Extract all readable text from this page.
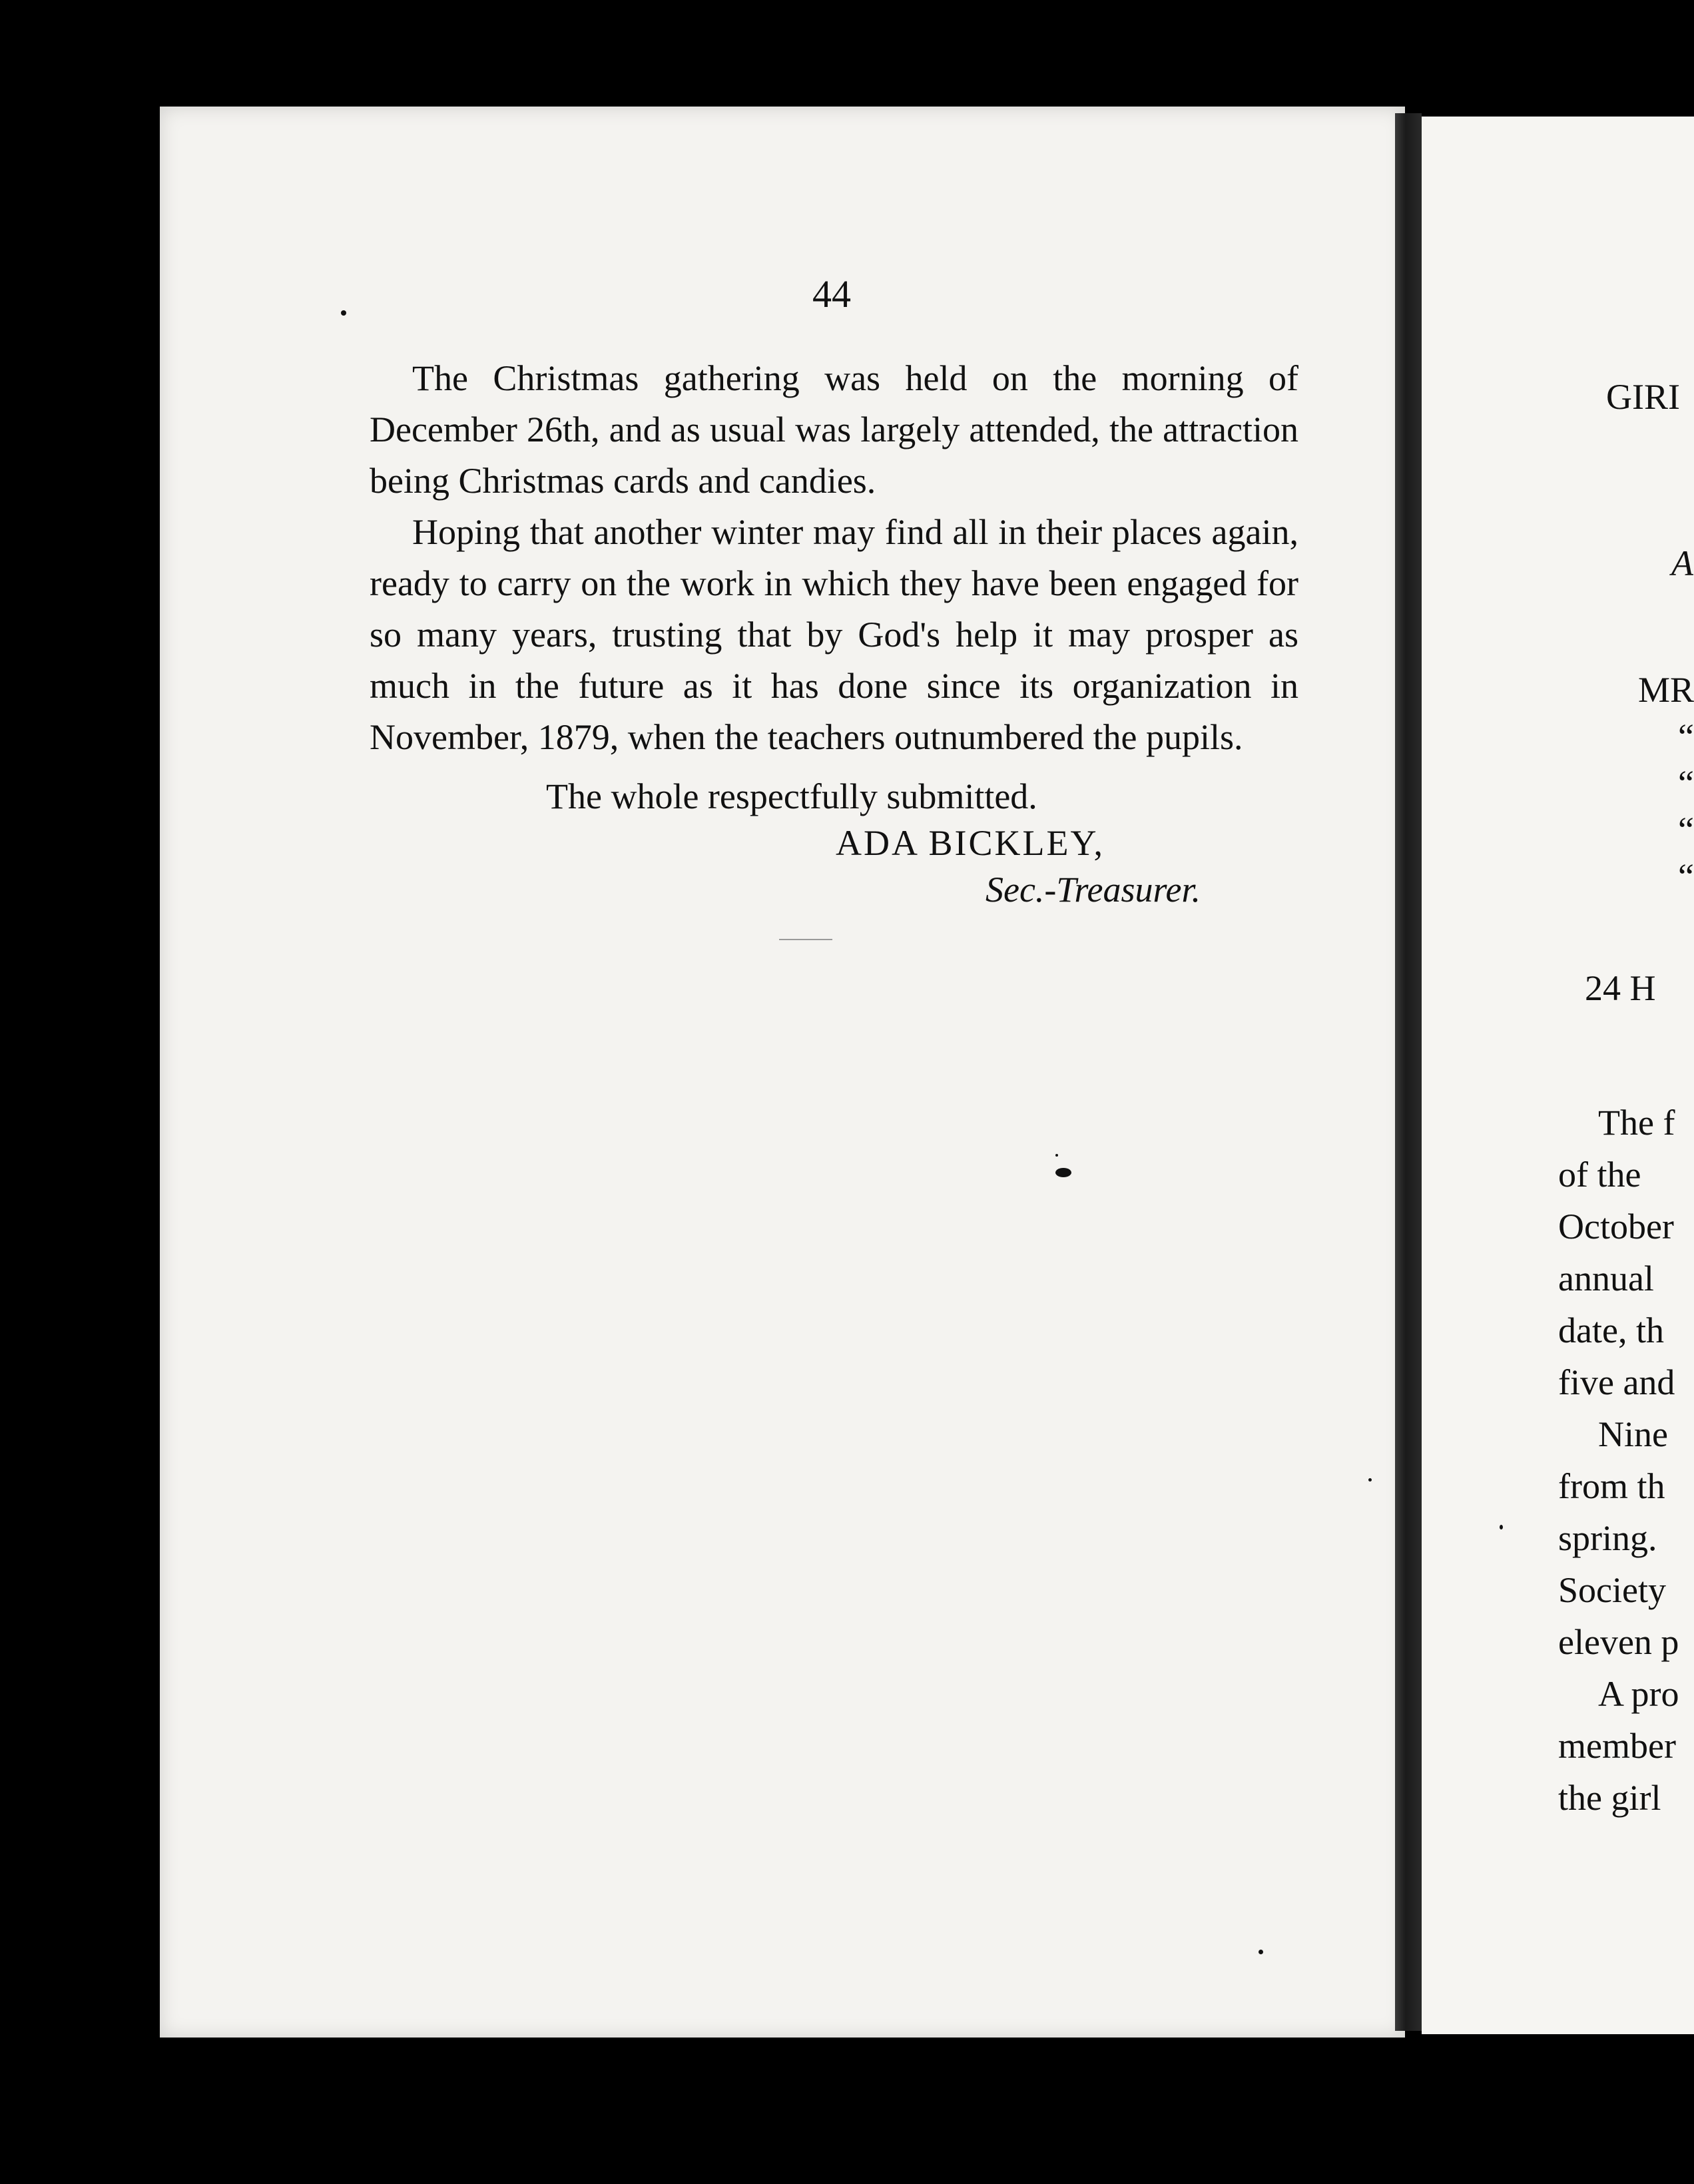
44

The Christmas gathering was held on the morning of December 26th, and as usual was largely attended, the attraction being Christmas cards and candies.

Hoping that another winter may find all in their places again, ready to carry on the work in which they have been engaged for so many years, trusting that by God's help it may prosper as much in the future as it has done since its organization in November, 1879, when the teachers outnumbered the pupils.

The whole respectfully submitted.
ADA BICKLEY,
Sec.-Treasurer.
GIRI
A
MR
“
“
“
“
24 H
The f
of the
October
annual
date, th
five and
Nine
from th
spring.
Society
eleven p
A pro
member
the girl
